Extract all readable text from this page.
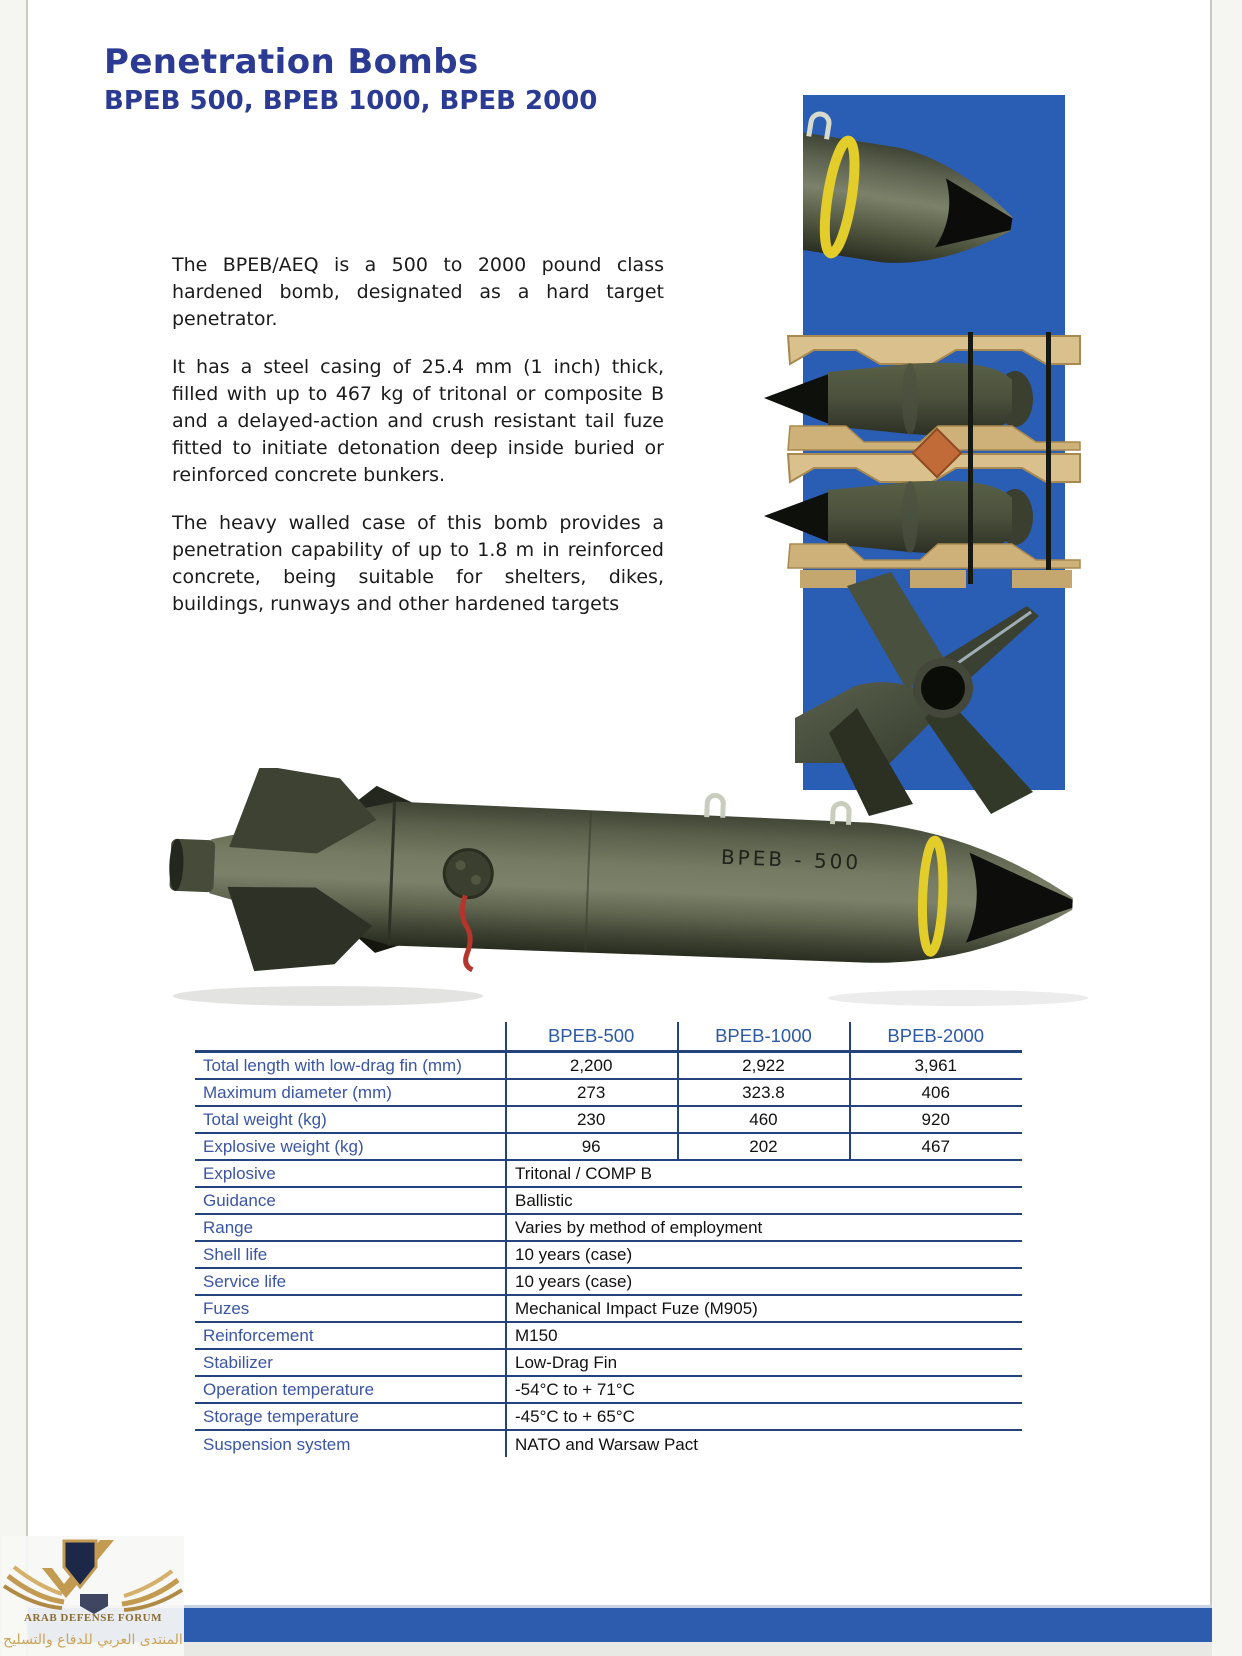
Penetration Bombs
BPEB 500, BPEB 1000, BPEB 2000

The BPEB/AEQ is a 500 to 2000 pound class hardened bomb, designated as a hard target penetrator.

It has a steel casing of 25.4 mm (1 inch) thick, filled with up to 467 kg of tritonal or composite B and a delayed-action and crush resistant tail fuze fitted to initiate detonation deep inside buried or reinforced concrete bunkers.

The heavy walled case of this bomb provides a penetration capability of up to 1.8 m in reinforced concrete, being suitable for shelters, dikes, buildings, runways and other hardened targets

BPEB - 500
BPEB-500	BPEB-1000	BPEB-2000
Total length with low-drag fin (mm)	2,200	2,922	3,961
Maximum diameter (mm)	273	323.8	406
Total weight (kg)	230	460	920
Explosive weight (kg)	96	202	467
Explosive	Tritonal / COMP B
Guidance	Ballistic
Range	Varies by method of employment
Shell life	10 years (case)
Service life	10 years (case)
Fuzes	Mechanical Impact Fuze (M905)
Reinforcement	M150
Stabilizer	Low-Drag Fin
Operation temperature	-54°C to + 71°C
Storage temperature	-45°C to + 65°C
Suspension system	NATO and Warsaw Pact
ARAB DEFENSE FORUM
المنتدى العربي للدفاع والتسليح
